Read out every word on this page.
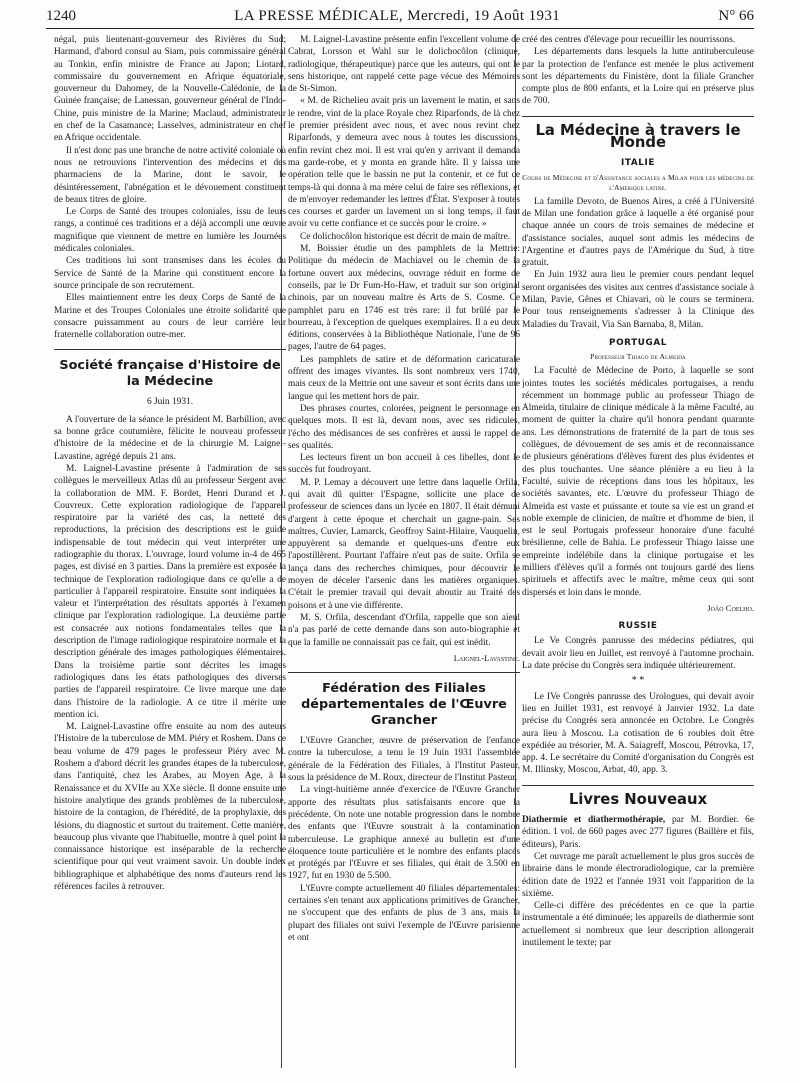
1240	LA PRESSE MÉDICALE, Mercredi, 19 Août 1931	N° 66

négal, puis lieutenant-gouverneur des Rivières du Sud; Harmand, d'abord consul au Siam, puis commissaire général au Tonkin, enfin ministre de France au Japon; Liotard, commissaire du gouvernement en Afrique équatoriale, gouverneur du Dahomey, de la Nouvelle-Calédonie, de la Guinée française; de Lanessan, gouverneur général de l'Indo-Chine, puis ministre de la Marine; Maclaud, administrateur en chef de la Casamance; Lasselves, administrateur en chef en Afrique occidentale.

Il n'est donc pas une branche de notre activité coloniale où nous ne retrouvions l'intervention des médecins et des pharmaciens de la Marine, dont le savoir, le désintéressement, l'abnégation et le dévouement constituent de beaux titres de gloire.

Le Corps de Santé des troupes coloniales, issu de leurs rangs, a continué ces traditions et a déjà accompli une œuvre magnifique que viennent de mettre en lumière les Journées médicales coloniales.

Ces traditions lui sont transmises dans les écoles du Service de Santé de la Marine qui constituent encore la source principale de son recrutement.

Elles maintiennent entre les deux Corps de Santé de la Marine et des Troupes Coloniales une étroite solidarité que consacre puissamment au cours de leur carrière leur fraternelle collaboration outre-mer.

Société française d'Histoire de la Médecine
6 Juin 1931.

A l'ouverture de la séance le président M. Barbillion, avec sa bonne grâce coutumière, félicite le nouveau professeur d'histoire de la médecine et de la chirurgie M. Laignel-Lavastine, agrégé depuis 21 ans.

M. Laignel-Lavastine présente à l'admiration de ses collègues le merveilleux Atlas dû au professeur Sergent avec la collaboration de MM. F. Bordet, Henri Durand et J. Couvreux. Cette exploration radiologique de l'appareil respiratoire par la variété des cas, la netteté des reproductions, la précision des descriptions est le guide indispensable de tout médecin qui veut interpréter une radiographie du thorax. L'ouvrage, lourd volume in-4 de 465 pages, est divisé en 3 parties. Dans la première est exposée la technique de l'exploration radiologique dans ce qu'elle a de particulier à l'appareil respiratoire. Ensuite sont indiquées la valeur et l'interprétation des résultats apportés à l'examen clinique par l'exploration radiologique. La deuxième partie est consacrée aux notions fondamentales telles que la description de l'image radiologique respiratoire normale et la description générale des images pathologiques élémentaires. Dans la troisième partie sont décrites les images radiologiques dans les états pathologiques des diverses parties de l'appareil respiratoire. Ce livre marque une date dans l'histoire de la radiologie. A ce titre il mérite une mention ici.

M. Laignel-Lavastine offre ensuite au nom des auteurs l'Histoire de la tuberculose de MM. Piéry et Roshem. Dans ce beau volume de 479 pages le professeur Piéry avec M. Roshem a d'abord décrit les grandes étapes de la tuberculose, dans l'antiquité, chez les Arabes, au Moyen Age, à la Renaissance et du XVIIe au XXe siècle. Il donne ensuite une histoire analytique des grands problèmes de la tuberculose, histoire de la contagion, de l'hérédité, de la prophylaxie, des lésions, du diagnostic et surtout du traitement. Cette manière, beaucoup plus vivante que l'habituelle, montre à quel point la connaissance historique est inséparable de la recherche scientifique pour qui veut vraiment savoir. Un double index bibliographique et alphabétique des noms d'auteurs rend les références faciles à retrouver.

M. Laignel-Lavastine présente enfin l'excellent volume de Cabrat, Lorsson et Wahl sur le dolichocôlon (clinique, radiologique, thérapeutique) parce que les auteurs, qui ont le sens historique, ont rappelé cette page vécue des Mémoires de St-Simon.

« M. de Richelieu avait pris un lavement le matin, et sans le rendre, vint de la place Royale chez Riparfonds, de là chez le premier président avec nous, et avec nous revint chez Riparfonds, y demeura avec nous à toutes les discussions, enfin revint chez moi. Il est vrai qu'en y arrivant il demanda ma garde-robe, et y monta en grande hâte. Il y laissa une opération telle que le bassin ne put la contenir, et ce fut ce temps-là qui donna à ma mère celui de faire ses réflexions, et de m'envoyer redemander les lettres d'État. S'exposer à toutes ces courses et garder un lavement un si long temps, il faut avoir vu cette confiance et ce succès pour le croire. »

Ce dolichocôlon historique est décrit de main de maître.

M. Boissier étudie un des pamphlets de la Mettrie: Politique du médecin de Machiavel ou le chemin de la fortune ouvert aux médecins, ouvrage réduit en forme de conseils, par le Dr Fum-Ho-Haw, et traduit sur son original chinois, par un nouveau maître ès Arts de S. Cosme. Ce pamphlet paru en 1746 est très rare: il fut brûlé par le bourreau, à l'exception de quelques exemplaires. Il a eu deux éditions, conservées à la Bibliothèque Nationale, l'une de 96 pages, l'autre de 64 pages.

Les pamphlets de satire et de déformation caricaturale offrent des images vivantes. Ils sont nombreux vers 1740, mais ceux de la Mettrie ont une saveur et sont écrits dans une langue qui les mettent hors de pair.

Des phrases courtes, colorées, peignent le personnage en quelques mots. Il est là, devant nous, avec ses ridicules, l'écho des médisances de ses confrères et aussi le rappel de ses qualités.

Les lecteurs firent un bon accueil à ces libelles, dont le succès fut foudroyant.

M. P. Lemay a découvert une lettre dans laquelle Orfila, qui avait dû quitter l'Espagne, sollicite une place de professeur de sciences dans un lycée en 1807. Il était démuni d'argent à cette époque et cherchait un gagne-pain. Ses maîtres, Cuvier, Lamarck, Geoffroy Saint-Hilaire, Vauquelin, appuyèrent sa demande et quelques-uns d'entre eux l'apostillèrent. Pourtant l'affaire n'eut pas de suite. Orfila se lança dans des recherches chimiques, pour découvrir le moyen de déceler l'arsenic dans les matières organiques. C'était le premier travail qui devait aboutir au Traité des poisons et à une vie différente.

M. S. Orfila, descendant d'Orfila, rappelle que son aïeul n'a pas parlé de cette demande dans son auto-biographie et que la famille ne connaissait pas ce fait, qui est inédit.

Laignel-Lavastine.
Fédération des Filiales départementales de l'Œuvre Grancher

L'Œuvre Grancher, œuvre de préservation de l'enfance contre la tuberculose, a tenu le 19 Juin 1931 l'assemblée générale de la Fédération des Filiales, à l'Institut Pasteur, sous la présidence de M. Roux, directeur de l'Institut Pasteur.

La vingt-huitième année d'exercice de l'Œuvre Grancher apporte des résultats plus satisfaisants encore que la précédente. On note une notable progression dans le nombre des enfants que l'Œuvre soustrait à la contamination tuberculeuse. Le graphique annexé au bulletin est d'une éloquence toute particulière et le nombre des enfants placés et protégés par l'Œuvre et ses filiales, qui était de 3.500 en 1927, fut en 1930 de 5.500.

L'Œuvre compte actuellement 40 filiales départementales: certaines s'en tenant aux applications primitives de Grancher, ne s'occupent que des enfants de plus de 3 ans, mais la plupart des filiales ont suivi l'exemple de l'Œuvre parisienne et ont

créé des centres d'élevage pour recueillir les nourrissons.

Les départements dans lesquels la lutte antituberculeuse par la protection de l'enfance est menée le plus activement sont les départements du Finistère, dont la filiale Grancher compte plus de 800 enfants, et la Loire qui en préserve plus de 700.

La Médecine à travers le Monde
ITALIE
Cours de Médecine et d'Assistance sociales a Milan pour les médecins de l'Amérique latine.

La famille Devoto, de Buenos Aires, a créé à l'Université de Milan une fondation grâce à laquelle a été organisé pour chaque année un cours de trois semaines de médecine et d'assistance sociales, auquel sont admis les médecins de l'Argentine et d'autres pays de l'Amérique du Sud, à titre gratuit.

En Juin 1932 aura lieu le premier cours pendant lequel seront organisées des visites aux centres d'assistance sociale à Milan, Pavie, Gênes et Chiavari, où le cours se terminera. Pour tous renseignements s'adresser à la Clinique des Maladies du Travail, Via San Barnaba, 8, Milan.

PORTUGAL
Professeur Thiago de Almeida

La Faculté de Médecine de Porto, à laquelle se sont jointes toutes les sociétés médicales portugaises, a rendu récemment un hommage public au professeur Thiago de Almeida, titulaire de clinique médicale à la même Faculté, au moment de quitter la chaire qu'il honora pendant quarante ans. Les démonstrations de fraternité de la part de tous ses collègues, de dévouement de ses amis et de reconnaissance de plusieurs générations d'élèves furent des plus évidentes et des plus touchantes. Une séance plénière a eu lieu à la Faculté, suivie de réceptions dans tous les hôpitaux, les sociétés savantes, etc. L'œuvre du professeur Thiago de Almeida est vaste et puissante et toute sa vie est un grand et noble exemple de clinicien, de maître et d'homme de bien, il est le seul Portugais professeur honoraire d'une faculté brésilienne, celle de Bahia. Le professeur Thiago laisse une empreinte indélébile dans la clinique portugaise et les milliers d'élèves qu'il a formés ont toujours gardé des liens spirituels et affectifs avec le maître, même ceux qui sont dispersés et loin dans le monde.

João Coelho.
RUSSIE

Le Ve Congrès panrusse des médecins pédiatres, qui devait avoir lieu en Juillet, est renvoyé à l'automne prochain. La date précise du Congrès sera indiquée ultérieurement.

* *

Le IVe Congrès panrusse des Urologues, qui devait avoir lieu en Juillet 1931, est renvoyé à Janvier 1932. La date précise du Congrès sera annoncée en Octobre. Le Congrès aura lieu à Moscou. La cotisation de 6 roubles doit être expédiée au trésorier, M. A. Saiagreff, Moscou, Pétrovka, 17, app. 4. Le secrétaire du Comité d'organisation du Congrès est M. Illinsky, Moscou, Arbat, 40, app. 3.

Livres Nouveaux

Diathermie et diathermothérapie, par M. Bordier. 6e édition. 1 vol. de 660 pages avec 277 figures (Baillère et fils, éditeurs), Paris.

Cet ouvrage me paraît actuellement le plus gros succès de librairie dans le monde électroradiologique, car la première édition date de 1922 et l'année 1931 voit l'apparition de la sixième.

Celle-ci diffère des précédentes en ce que la partie instrumentale a été diminuée; les appareils de diathermie sont actuellement si nombreux que leur description allongerait inutilement le texte; par
